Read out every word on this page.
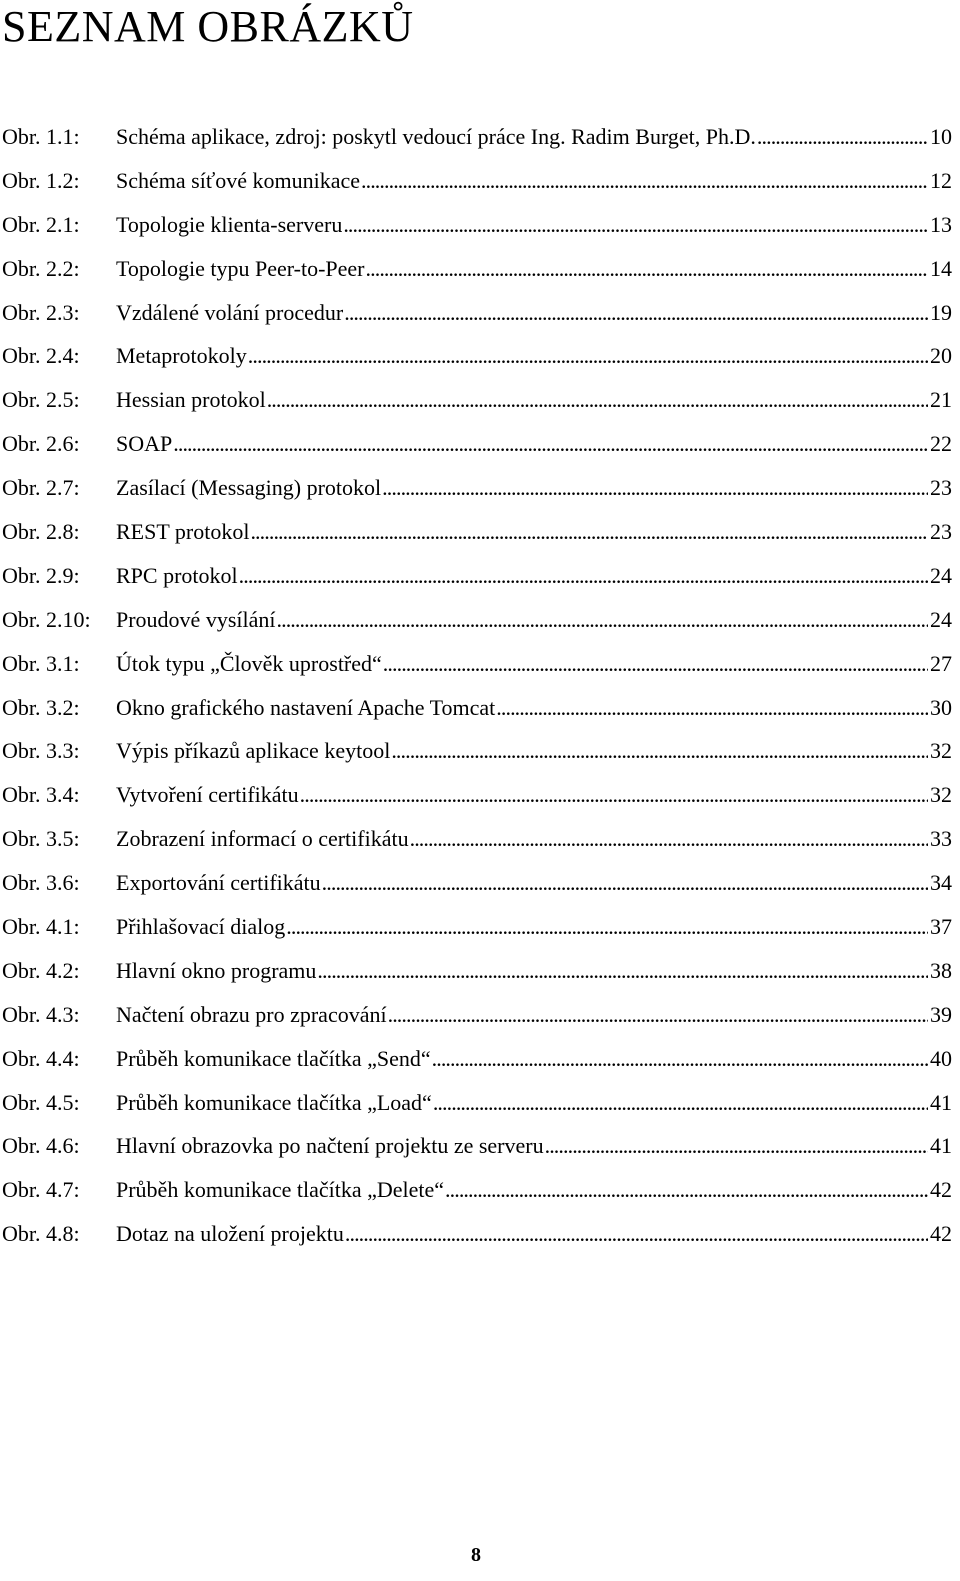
SEZNAM OBRÁZKŮ
Obr. 1.1:	Schéma aplikace, zdroj: poskytl vedoucí práce Ing. Radim Burget, Ph.D. . . .	10
Obr. 1.2:	Schéma síťové komunikace . . .	12
Obr. 2.1:	Topologie klienta-serveru . . .	13
Obr. 2.2:	Topologie typu Peer-to-Peer . . .	14
Obr. 2.3:	Vzdálené volání procedur . . .	19
Obr. 2.4:	Metaprotokoly . . .	20
Obr. 2.5:	Hessian protokol . . .	21
Obr. 2.6:	SOAP . . .	22
Obr. 2.7:	Zasílací (Messaging) protokol . . .	23
Obr. 2.8:	REST protokol . . .	23
Obr. 2.9:	RPC protokol . . .	24
Obr. 2.10:	Proudové vysílání . . .	24
Obr. 3.1:	Útok typu „Člověk uprostřed“ . . .	27
Obr. 3.2:	Okno grafického nastavení Apache Tomcat . . .	30
Obr. 3.3:	Výpis příkazů aplikace keytool . . .	32
Obr. 3.4:	Vytvoření certifikátu . . .	32
Obr. 3.5:	Zobrazení informací o certifikátu . . .	33
Obr. 3.6:	Exportování certifikátu . . .	34
Obr. 4.1:	Přihlašovací dialog . . .	37
Obr. 4.2:	Hlavní okno programu . . .	38
Obr. 4.3:	Načtení obrazu pro zpracování . . .	39
Obr. 4.4:	Průběh komunikace tlačítka „Send“ . . .	40
Obr. 4.5:	Průběh komunikace tlačítka „Load“ . . .	41
Obr. 4.6:	Hlavní obrazovka po načtení projektu ze serveru . . .	41
Obr. 4.7:	Průběh komunikace tlačítka „Delete“ . . .	42
Obr. 4.8:	Dotaz na uložení projektu . . .	42
8
